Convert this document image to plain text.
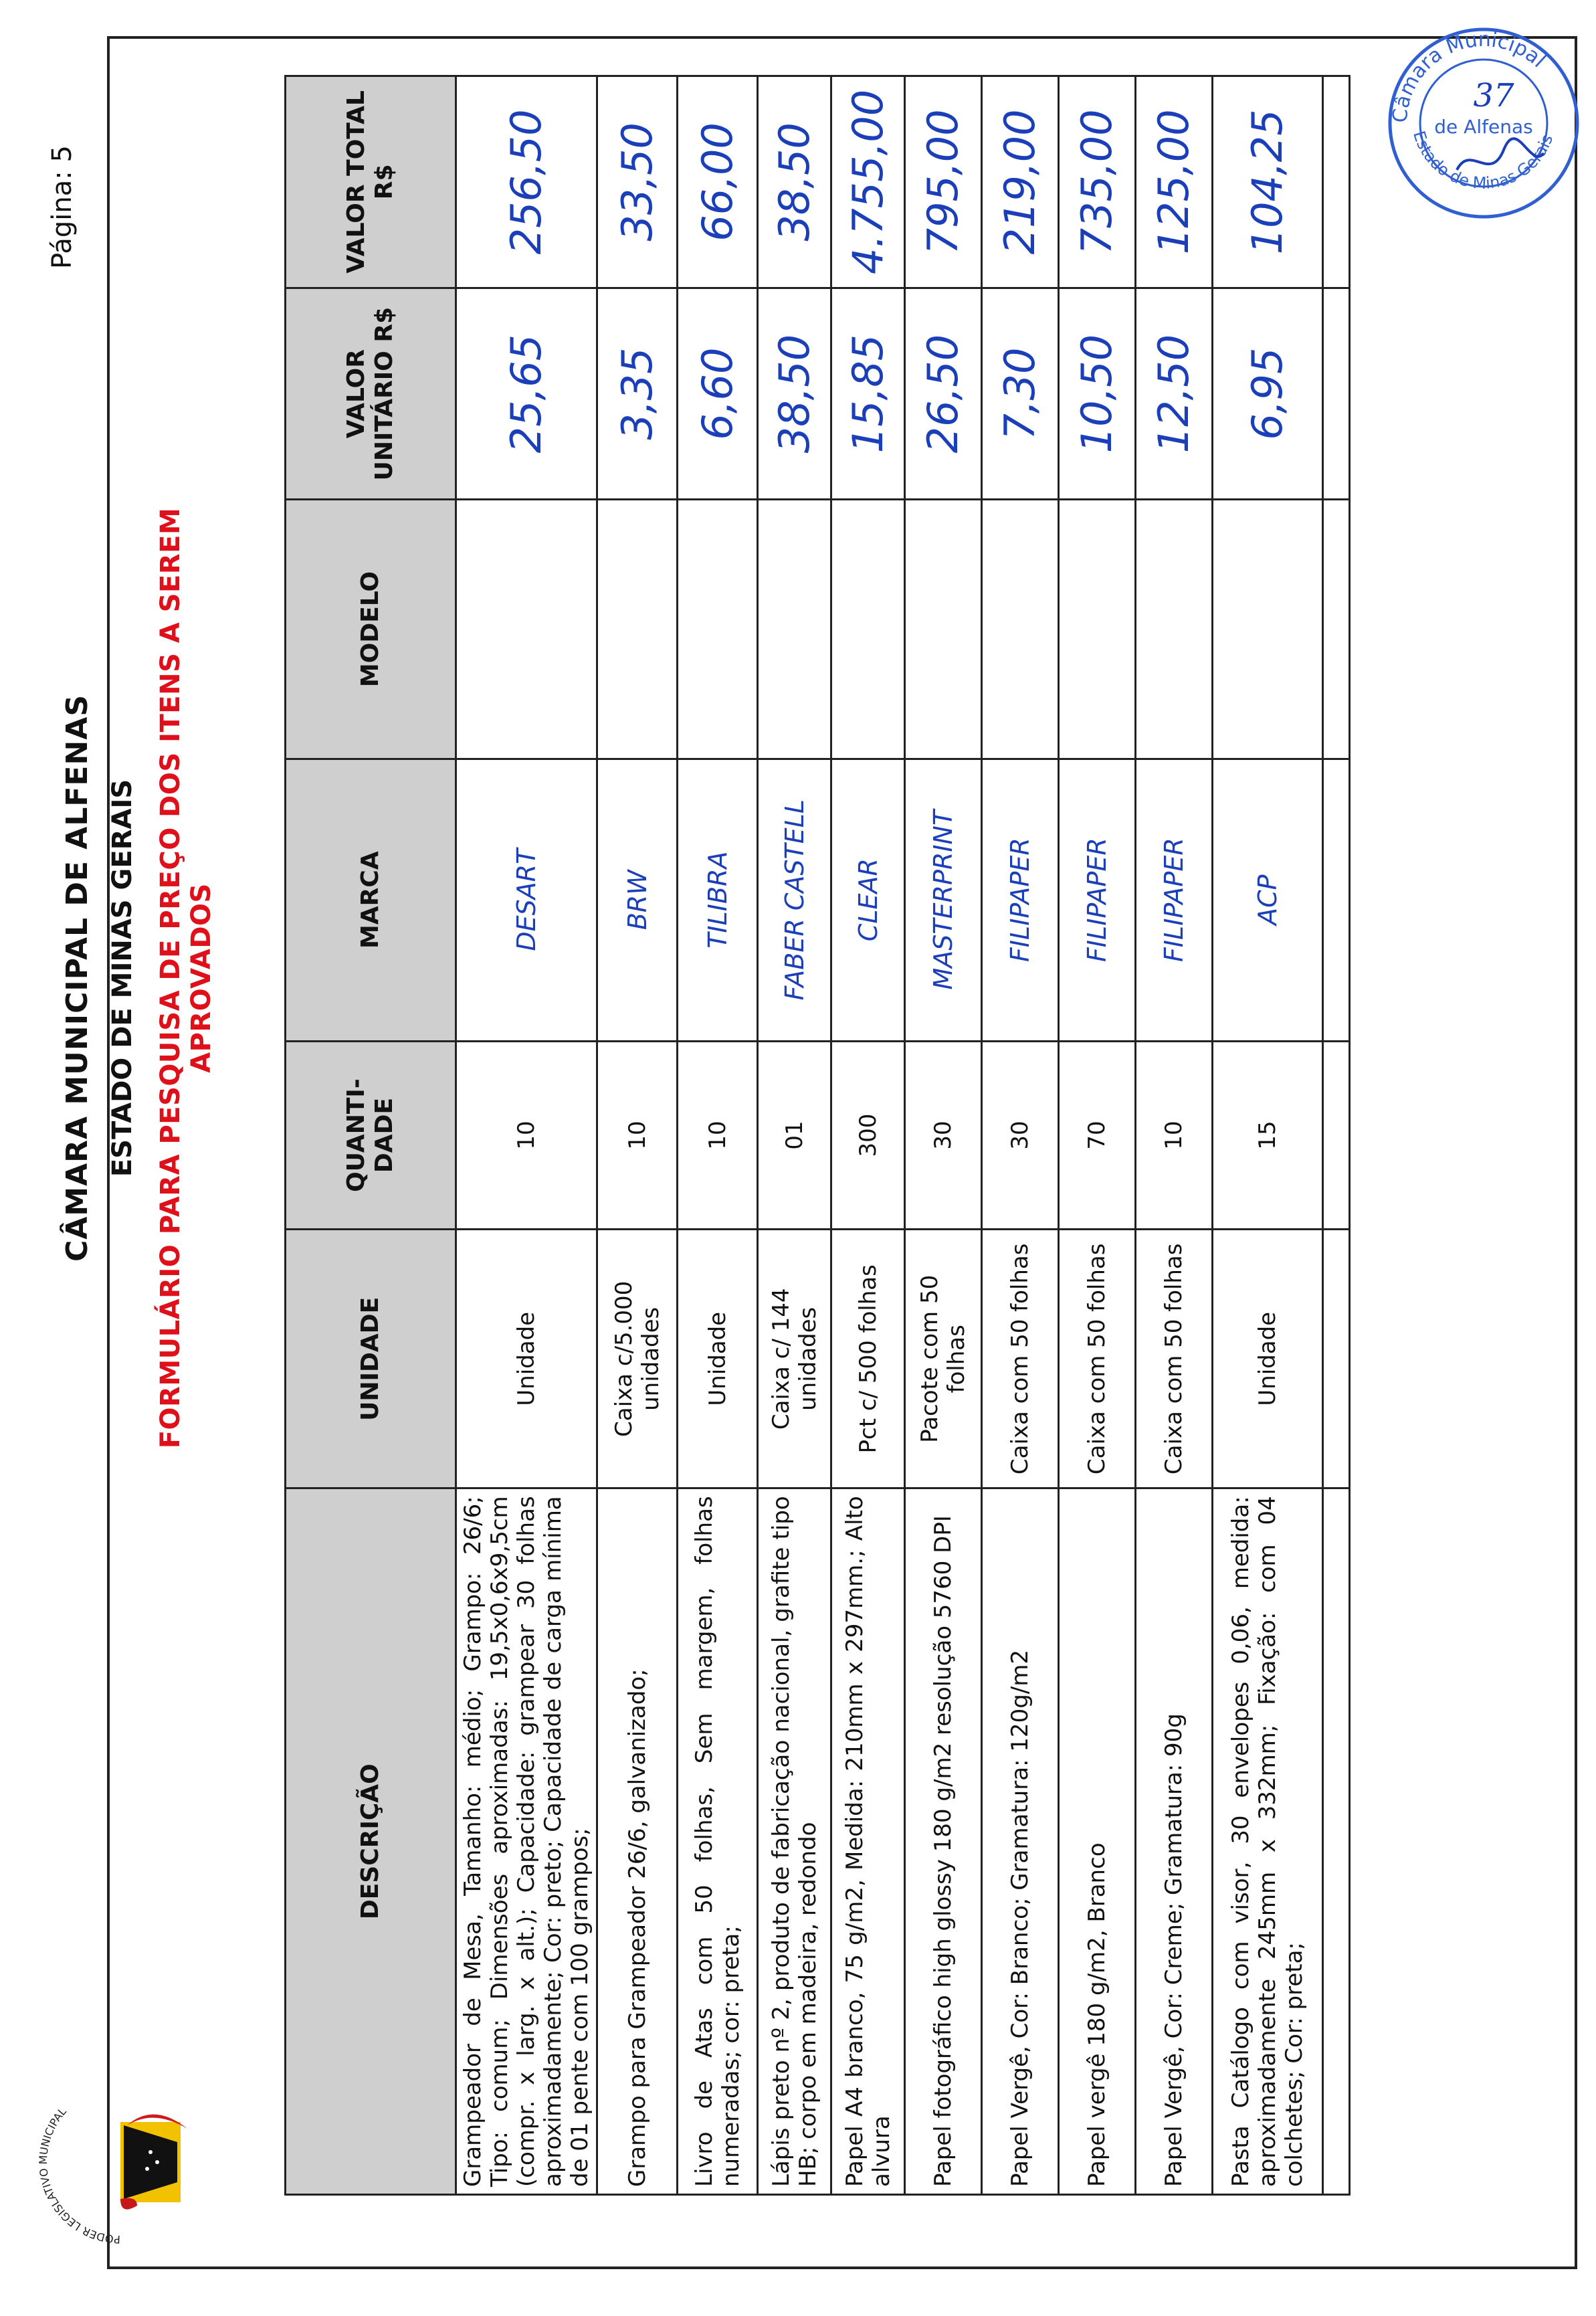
Página: 5
PODER LEGISLATIVO MUNICIPAL
CÂMARA MUNICIPAL DE ALFENAS ESTADO DE MINAS GERAIS FORMULÁRIO PARA PESQUISA DE PREÇO DOS ITENS A SEREM APROVADOS
DESCRIÇÃO	UNIDADE	QUANTI-DADE	MARCA	MODELO	VALOR UNITÁRIO R$	VALOR TOTAL R$
Grampeador de Mesa, Tamanho: médio; Grampo: 26/6; Tipo: comum; Dimensões aproximadas: 19,5x0,6x9,5cm (compr. x larg. x alt.); Capacidade: grampear 30 folhas aproximadamente; Cor: preto; Capacidade de carga mínima de 01 pente com 100 grampos;	Unidade	10	DESART		25,65	256,50
Grampo para Grampeador 26/6, galvanizado;	Caixa c/5.000 unidades	10	BRW		3,35	33,50
Livro de Atas com 50 folhas, Sem margem, folhas numeradas; cor: preta;	Unidade	10	TILIBRA		6,60	66,00
Lápis preto nº 2, produto de fabricação nacional, grafite tipo HB; corpo em madeira, redondo	Caixa c/ 144 unidades	01	FABER CASTELL		38,50	38,50
Papel A4 branco, 75 g/m2, Medida: 210mm x 297mm.; Alto alvura	Pct c/ 500 folhas	300	CLEAR		15,85	4.755,00
Papel fotográfico high glossy 180 g/m2 resolução 5760 DPI	Pacote com 50 folhas	30	MASTERPRINT		26,50	795,00
Papel Vergê, Cor: Branco; Gramatura: 120g/m2	Caixa com 50 folhas	30	FILIPAPER		7,30	219,00
Papel vergê 180 g/m2, Branco	Caixa com 50 folhas	70	FILIPAPER		10,50	735,00
Papel Vergê, Cor: Creme; Gramatura: 90g	Caixa com 50 folhas	10	FILIPAPER		12,50	125,00
Pasta Catálogo com visor, 30 envelopes 0,06, medida: aproximadamente 245mm x 332mm; Fixação: com 04 colchetes; Cor: preta;	Unidade	15	ACP		6,95	104,25
							Câmara Municipal
Estado de Minas Gerais
de Alfenas
37
